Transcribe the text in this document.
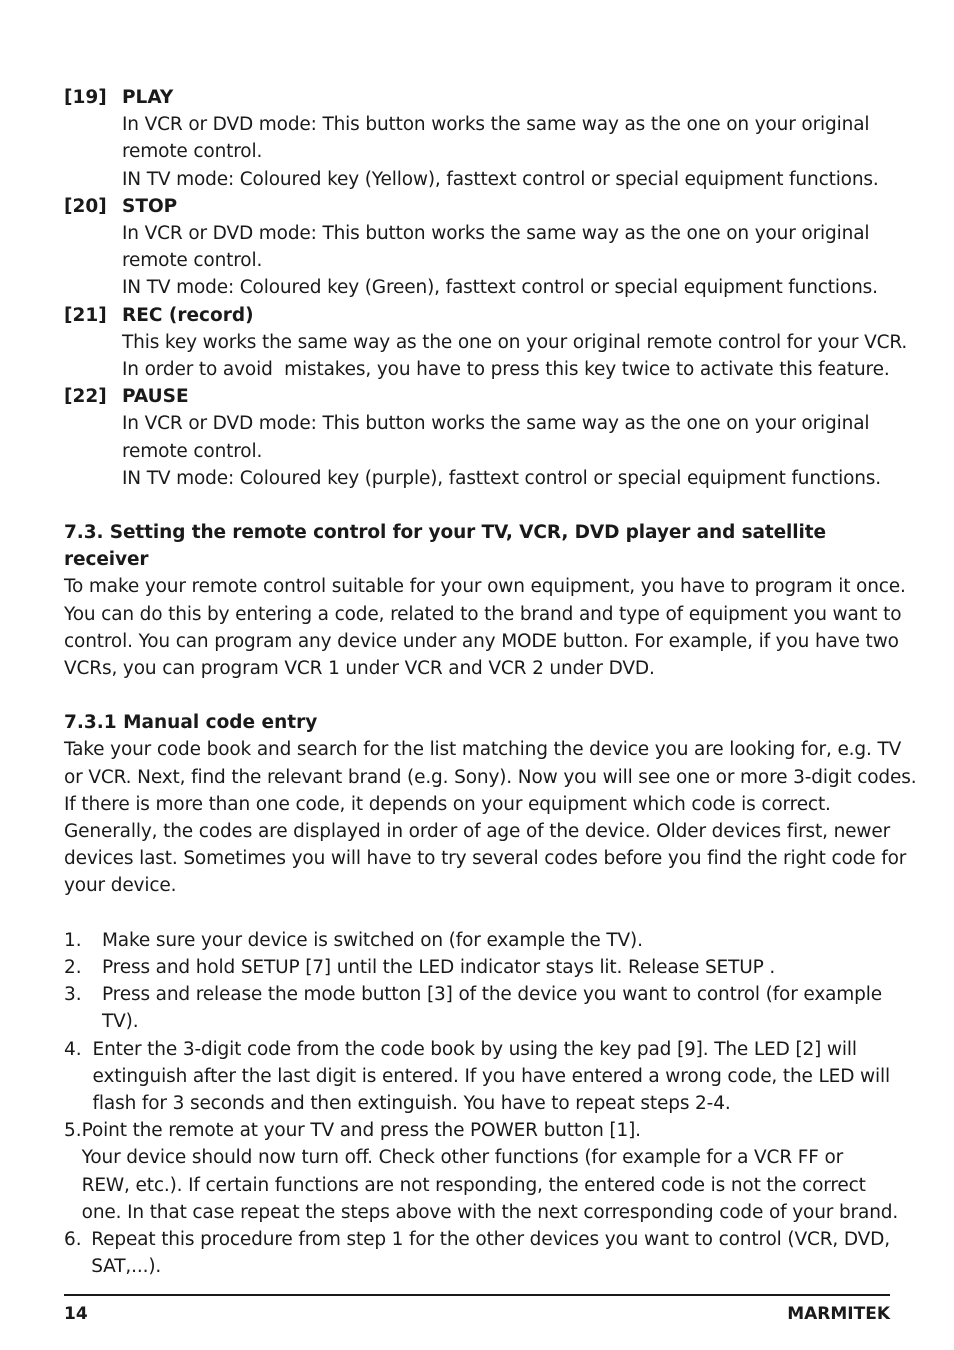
[19] PLAY
In VCR or DVD mode: This button works the same way as the one on your original
remote control.
IN TV mode: Coloured key (Yellow), fasttext control or special equipment functions.
[20] STOP
In VCR or DVD mode: This button works the same way as the one on your original
remote control.
IN TV mode: Coloured key (Green), fasttext control or special equipment functions.
[21] REC (record)
This key works the same way as the one on your original remote control for your VCR.
In order to avoid  mistakes, you have to press this key twice to activate this feature.
[22] PAUSE
In VCR or DVD mode: This button works the same way as the one on your original
remote control.
IN TV mode: Coloured key (purple), fasttext control or special equipment functions.
7.3. Setting the remote control for your TV, VCR, DVD player and satellite
receiver
To make your remote control suitable for your own equipment, you have to program it once.
You can do this by entering a code, related to the brand and type of equipment you want to
control. You can program any device under any MODE button. For example, if you have two
VCRs, you can program VCR 1 under VCR and VCR 2 under DVD.
7.3.1 Manual code entry
Take your code book and search for the list matching the device you are looking for, e.g. TV
or VCR. Next, find the relevant brand (e.g. Sony). Now you will see one or more 3-digit codes.
If there is more than one code, it depends on your equipment which code is correct.
Generally, the codes are displayed in order of age of the device. Older devices first, newer
devices last. Sometimes you will have to try several codes before you find the right code for
your device.
1.	Make sure your device is switched on (for example the TV).
2.	Press and hold SETUP [7] until the LED indicator stays lit. Release SETUP .
3.	Press and release the mode button [3] of the device you want to control (for example
TV).
4. Enter the 3-digit code from the code book by using the key pad [9]. The LED [2] will
extinguish after the last digit is entered. If you have entered a wrong code, the LED will
flash for 3 seconds and then extinguish. You have to repeat steps 2-4.
5. Point the remote at your TV and press the POWER button [1].
Your device should now turn off. Check other functions (for example for a VCR FF or
REW, etc.). If certain functions are not responding, the entered code is not the correct
one. In that case repeat the steps above with the next corresponding code of your brand.
6. Repeat this procedure from step 1 for the other devices you want to control (VCR, DVD,
SAT,...).
14	MARMITEK
